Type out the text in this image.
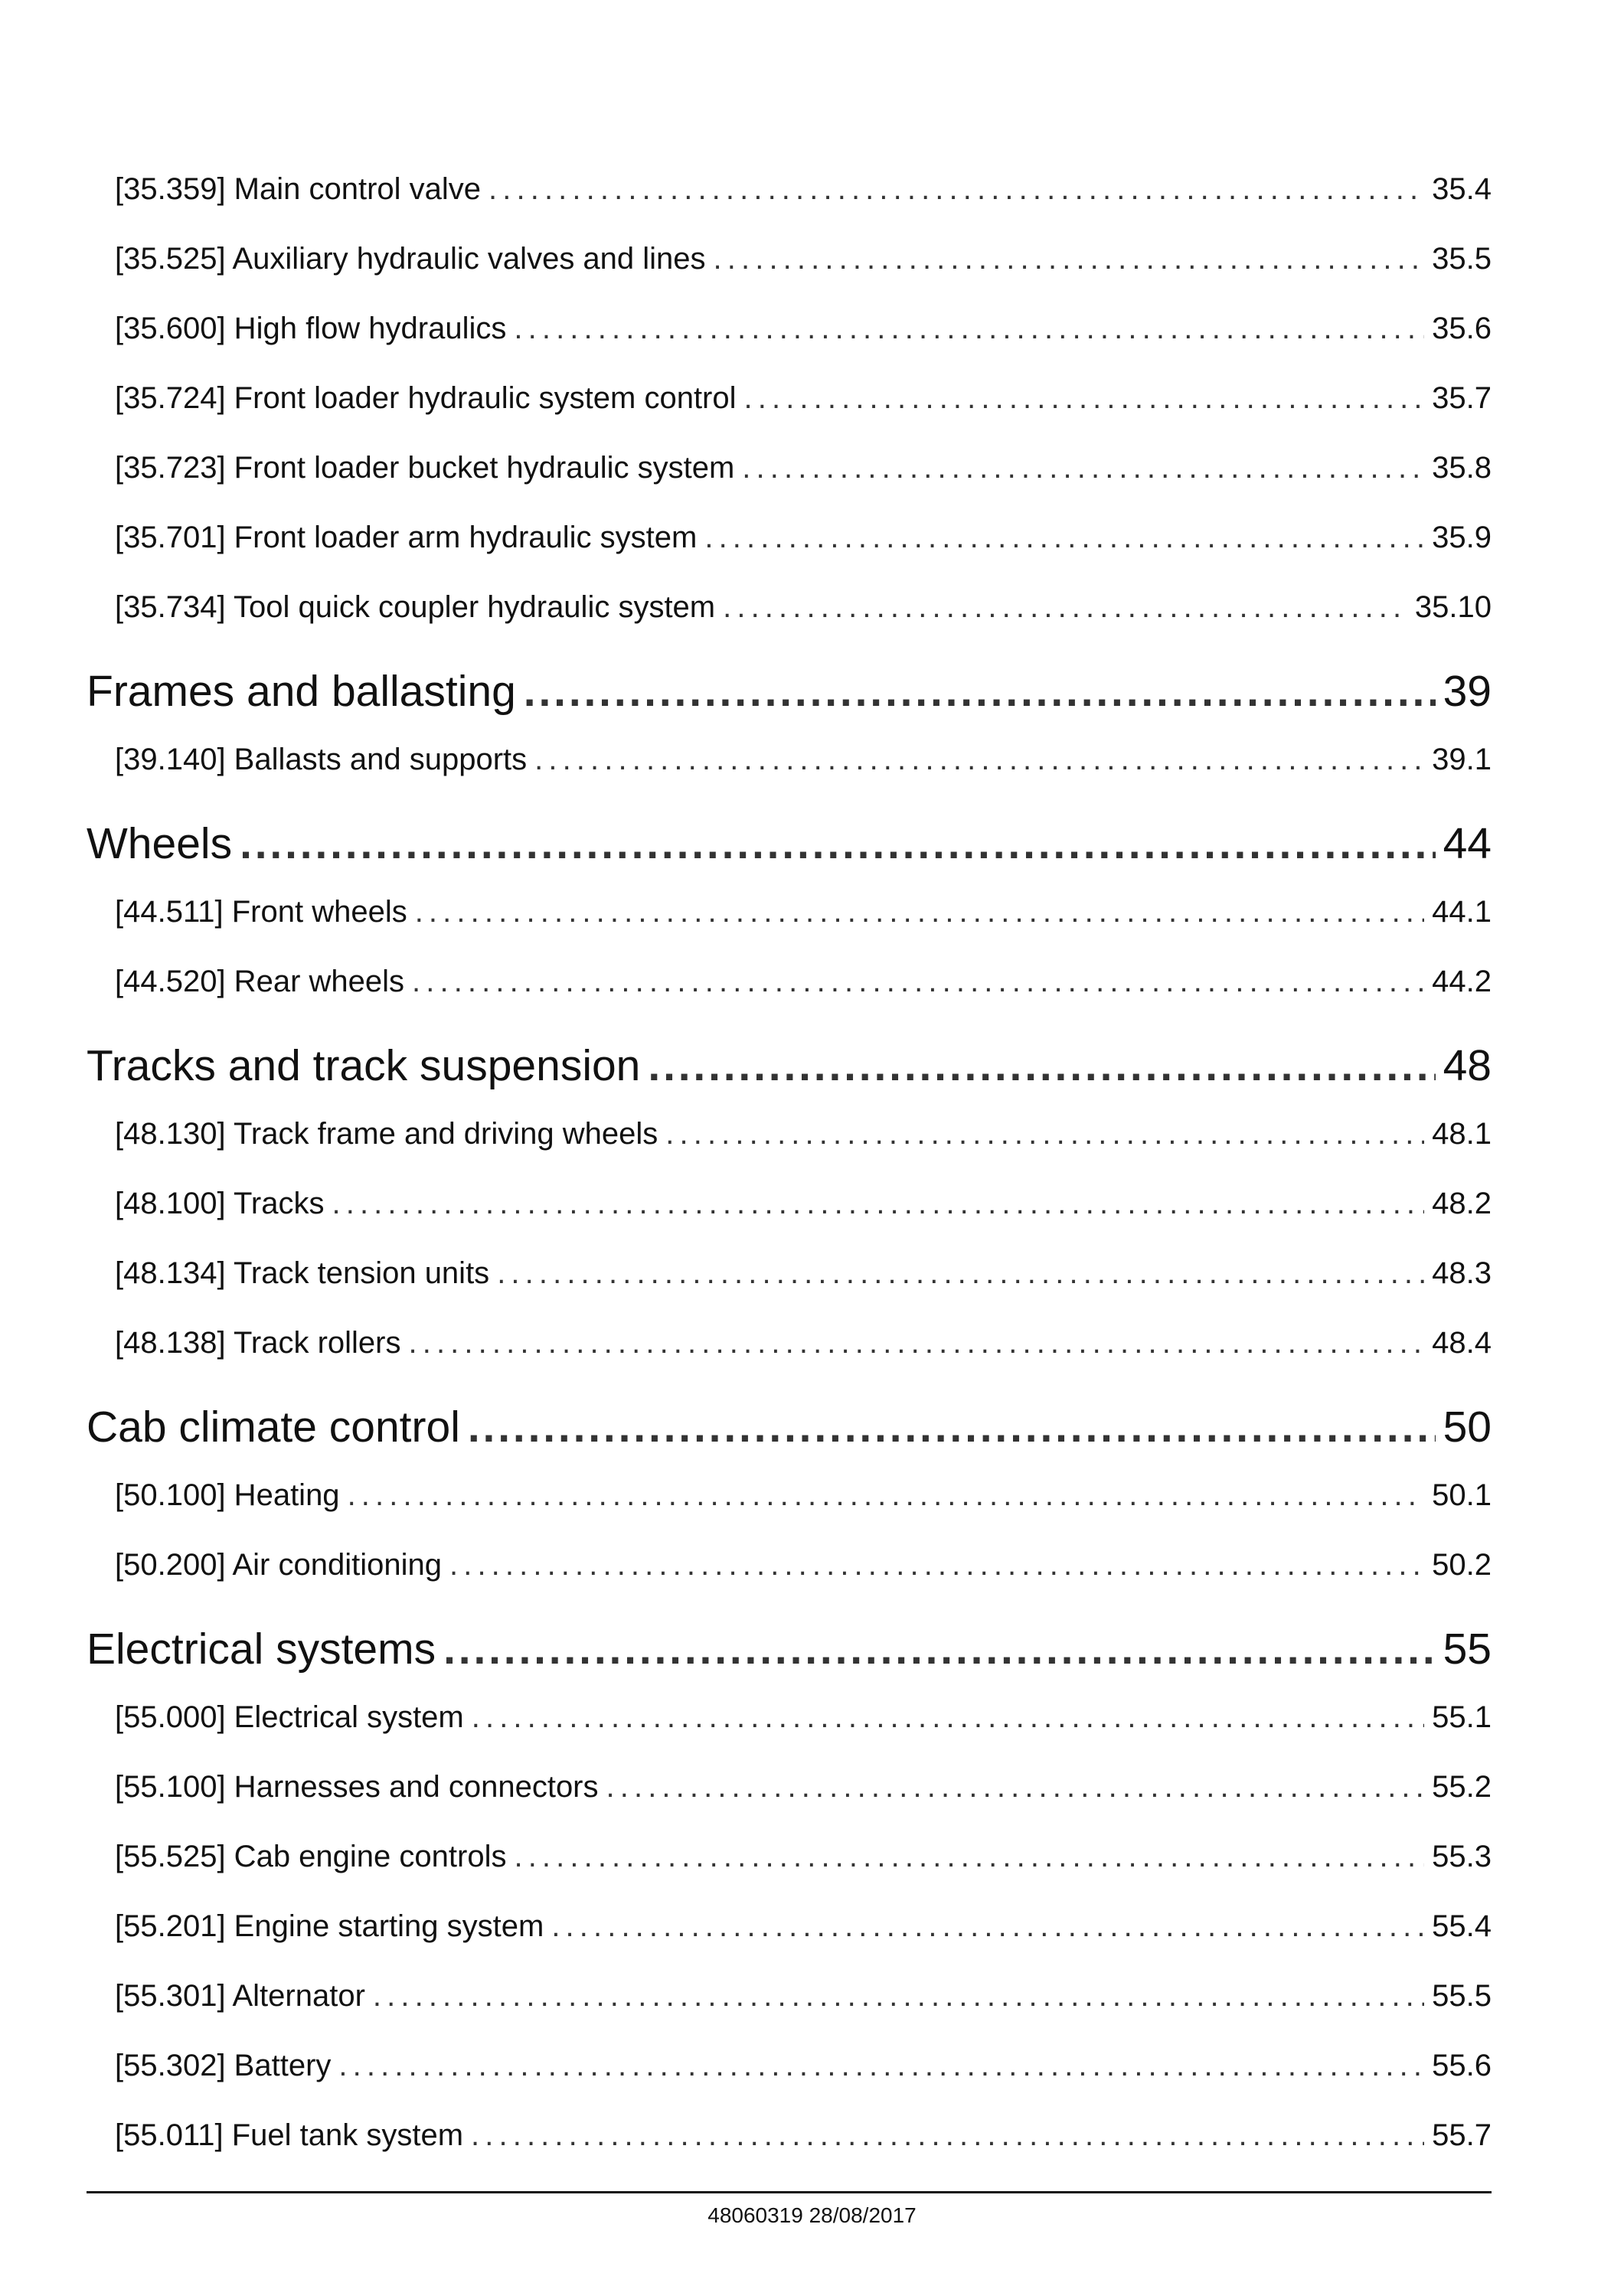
[35.359] Main control valve . . .	35.4
[35.525] Auxiliary hydraulic valves and lines . . .	35.5
[35.600] High flow hydraulics . . .	35.6
[35.724] Front loader hydraulic system control . . .	35.7
[35.723] Front loader bucket hydraulic system . . .	35.8
[35.701] Front loader arm hydraulic system . . .	35.9
[35.734] Tool quick coupler hydraulic system . . .	35.10
Frames and ballasting . . .	39
[39.140] Ballasts and supports . . .	39.1
Wheels . . .	44
[44.511] Front wheels . . .	44.1
[44.520] Rear wheels . . .	44.2
Tracks and track suspension . . .	48
[48.130] Track frame and driving wheels . . .	48.1
[48.100] Tracks . . .	48.2
[48.134] Track tension units . . .	48.3
[48.138] Track rollers . . .	48.4
Cab climate control . . .	50
[50.100] Heating . . .	50.1
[50.200] Air conditioning . . .	50.2
Electrical systems . . .	55
[55.000] Electrical system . . .	55.1
[55.100] Harnesses and connectors . . .	55.2
[55.525] Cab engine controls . . .	55.3
[55.201] Engine starting system . . .	55.4
[55.301] Alternator . . .	55.5
[55.302] Battery . . .	55.6
[55.011] Fuel tank system . . .	55.7
48060319 28/08/2017
